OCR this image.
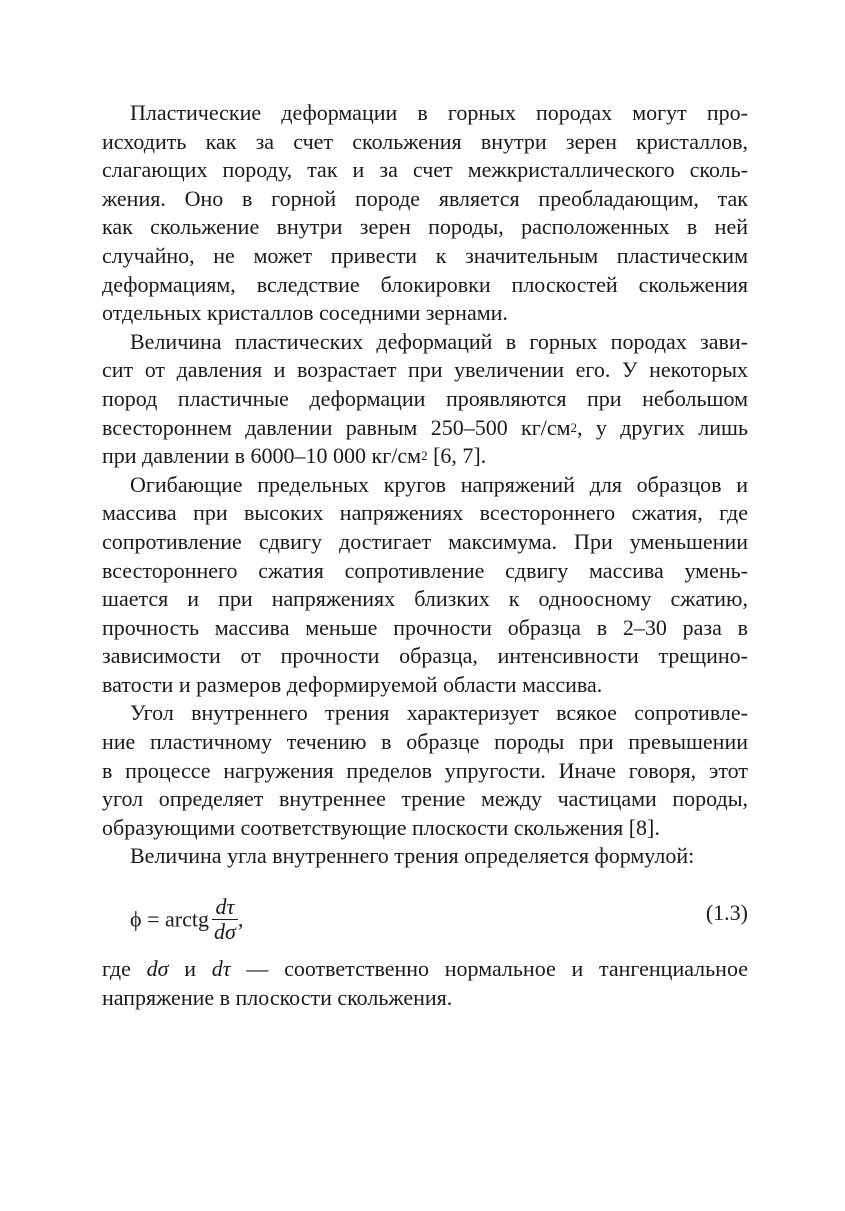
Пластические деформации в горных породах могут про-
исходить как за счет скольжения внутри зерен кристаллов,
слагающих породу, так и за счет межкристаллического сколь-
жения. Оно в горной породе является преобладающим, так
как скольжение внутри зерен породы, расположенных в ней
случайно, не может привести к значительным пластическим
деформациям, вследствие блокировки плоскостей скольжения
отдельных кристаллов соседними зернами.
Величина пластических деформаций в горных породах зави-
сит от давления и возрастает при увеличении его. У некоторых
пород пластичные деформации проявляются при небольшом
всестороннем давлении равным 250–500 $кг/см^2$, у других лишь
при давлении в 6000–10 000 $кг/см^2$ [6, 7].
Огибающие предельных кругов напряжений для образцов и
массива при высоких напряжениях всестороннего сжатия, где
сопротивление сдвигу достигает максимума. При уменьшении
всестороннего сжатия сопротивление сдвигу массива умень-
шается и при напряжениях близких к одноосному сжатию,
прочность массива меньше прочности образца в 2–30 раза в
зависимости от прочности образца, интенсивности трещино-
ватости и размеров деформируемой области массива.
Угол внутреннего трения характеризует всякое сопротивле-
ние пластичному течению в образце породы при превышении
в процессе нагружения пределов упругости. Иначе говоря, этот
угол определяет внутреннее трение между частицами породы,
образующими соответствующие плоскости скольжения [8].
Величина угла внутреннего трения определяется формулой:
ϕ = arctg $\frac{d\tau}{d\sigma}$ ,	(1.3)
где dσ и dτ — соответственно нормальное и тангенциальное
напряжение в плоскости скольжения.
